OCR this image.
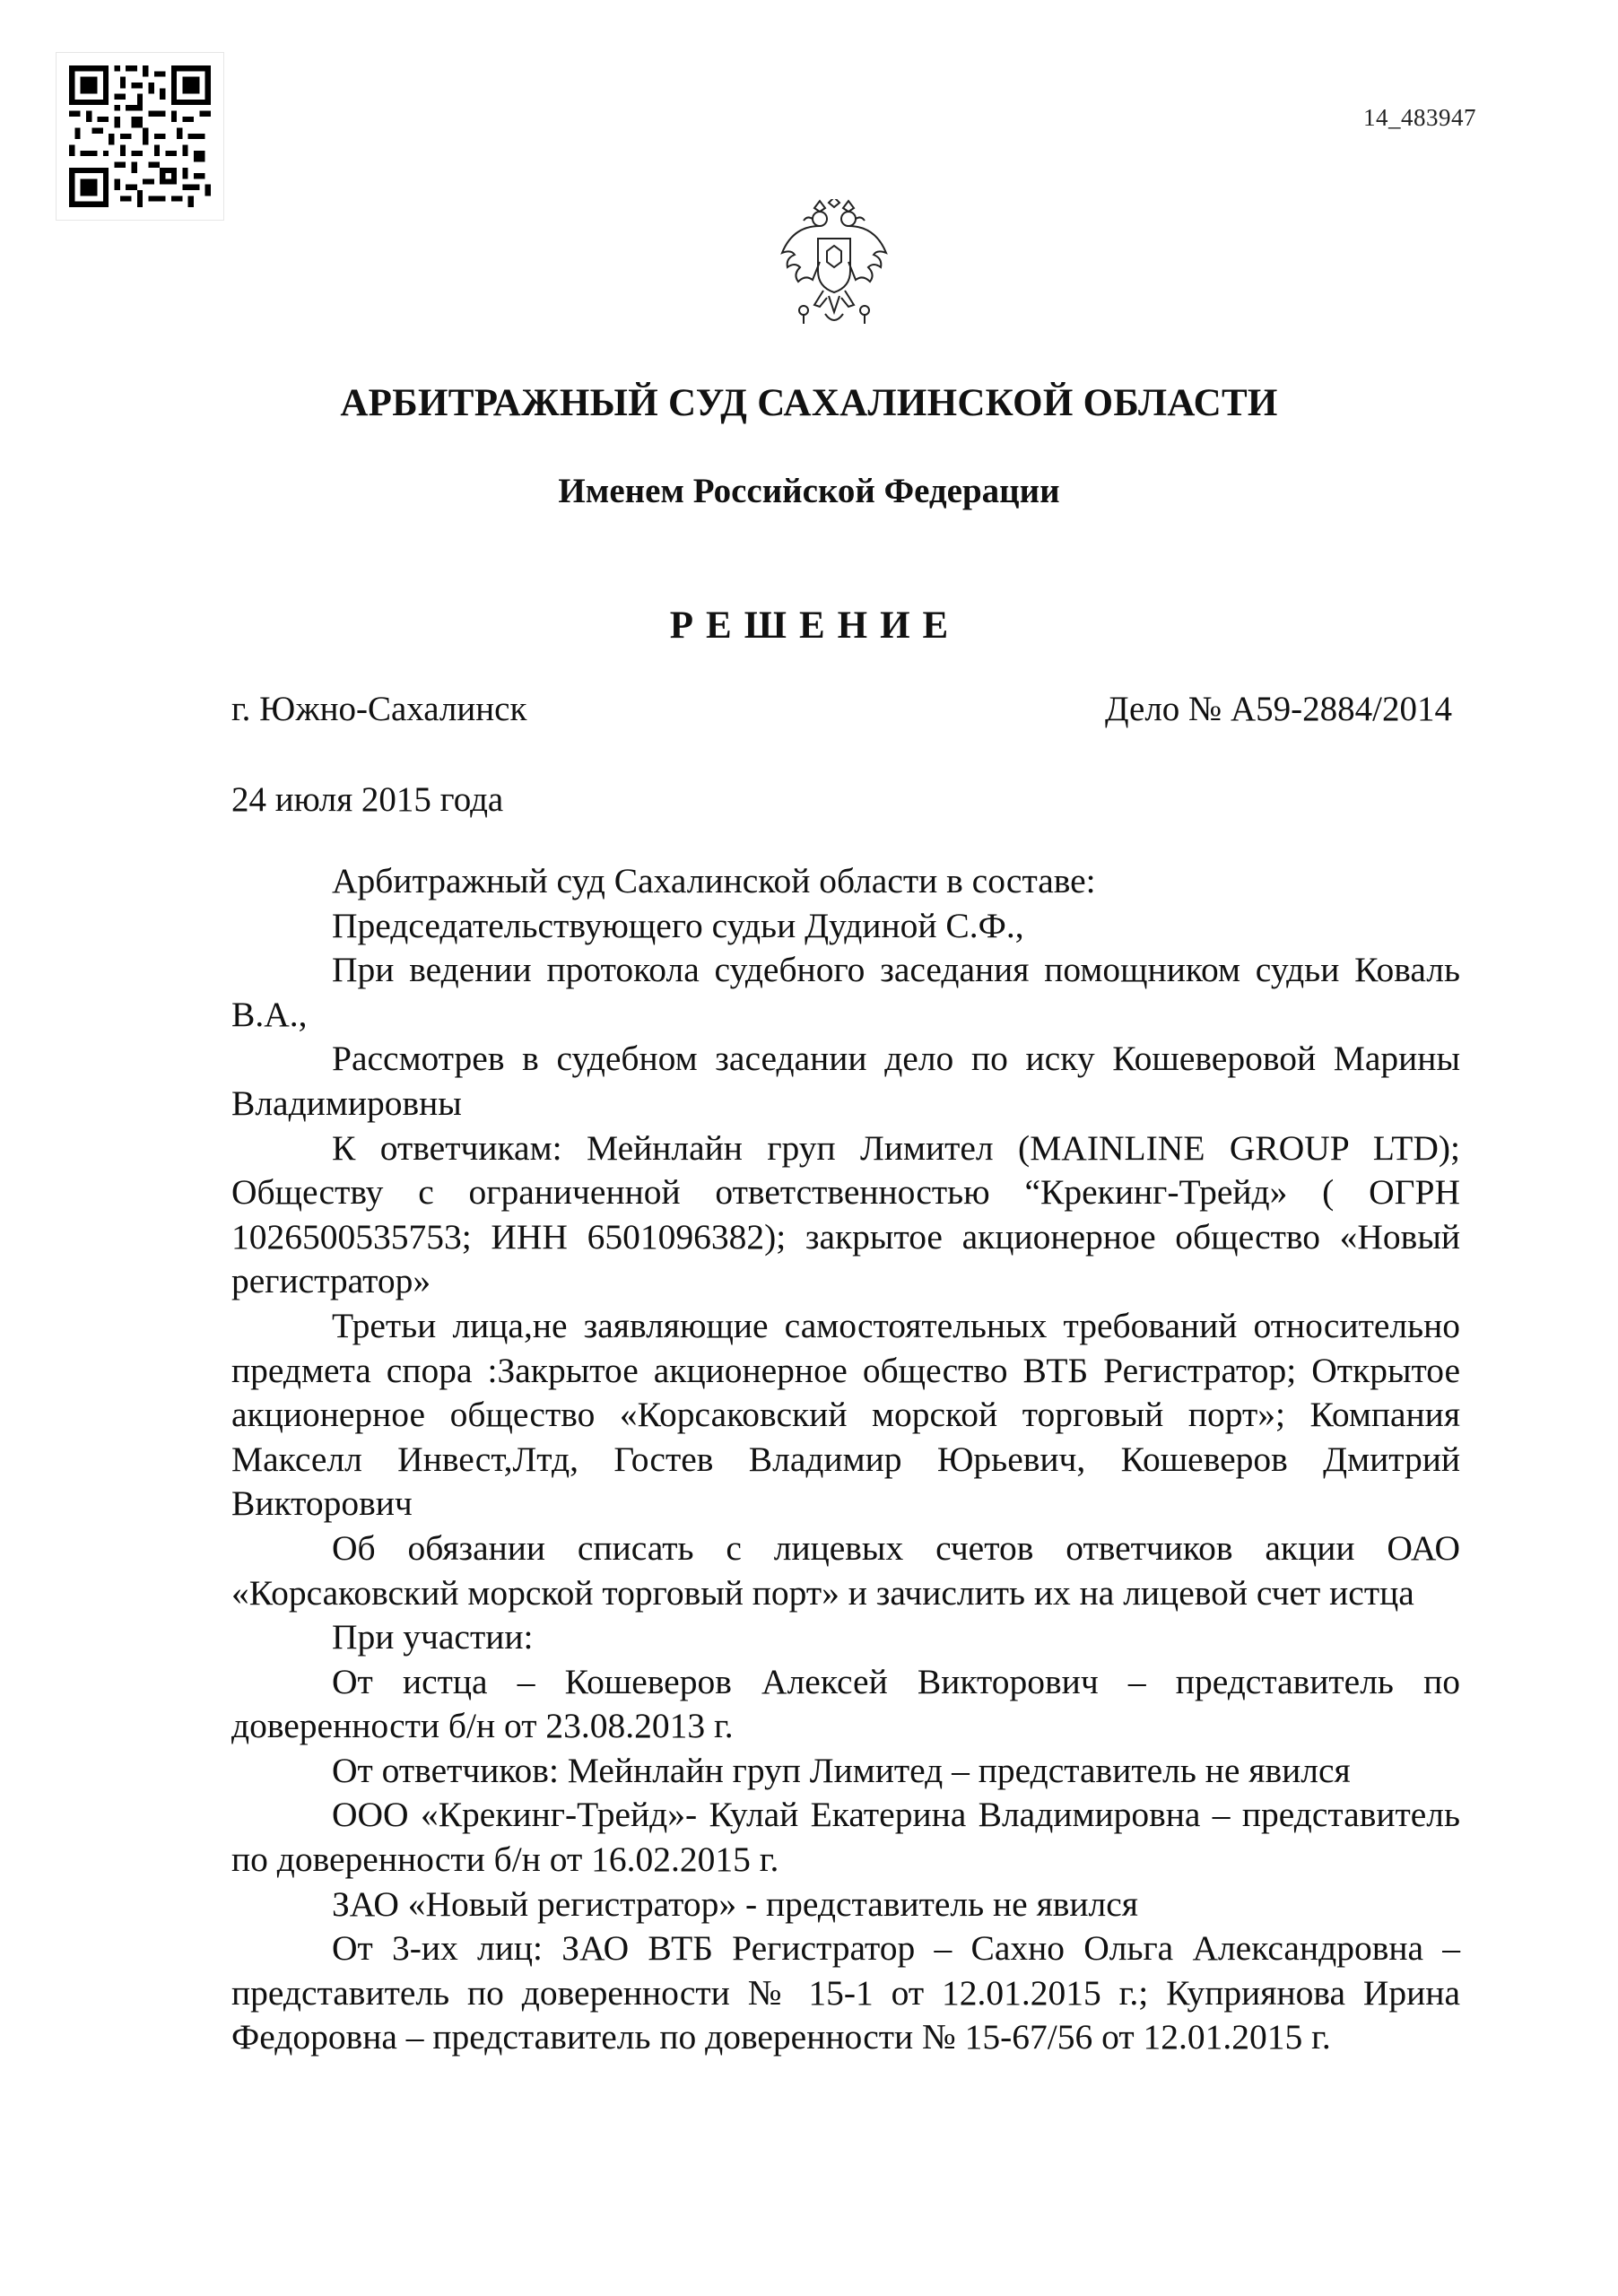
14_483947
АРБИТРАЖНЫЙ СУД САХАЛИНСКОЙ ОБЛАСТИ
Именем Российской Федерации
РЕШЕНИЕ
г. Южно-Сахалинск	Дело № А59-2884/2014
24 июля 2015 года

Арбитражный суд Сахалинской области в составе:

Председательствующего судьи Дудиной С.Ф.,

При ведении протокола судебного заседания помощником судьи Коваль В.А.,

Рассмотрев в судебном заседании дело по иску Кошеверовой Марины Владимировны

К ответчикам: Мейнлайн груп Лимител (MAINLINE GROUP LTD); Обществу с ограниченной ответственностью “Крекинг-Трейд» ( ОГРН 1026500535753; ИНН 6501096382); закрытое акционерное общество «Новый регистратор»

Третьи лица,не заявляющие самостоятельных требований относительно предмета спора :Закрытое акционерное общество ВТБ Регистратор; Открытое акционерное общество «Корсаковский морской торговый порт»; Компания Макселл Инвест,Лтд, Гостев Владимир Юрьевич, Кошеверов Дмитрий Викторович

Об обязании списать с лицевых счетов ответчиков акции ОАО «Корсаковский морской торговый порт» и зачислить их на лицевой счет истца

При участии:

От истца – Кошеверов Алексей Викторович – представитель по доверенности б/н от 23.08.2013 г.

От ответчиков: Мейнлайн груп Лимитед – представитель не явился

ООО «Крекинг-Трейд»- Кулай Екатерина Владимировна – представитель по доверенности б/н от 16.02.2015 г.

ЗАО «Новый регистратор» - представитель не явился

От 3-их лиц: ЗАО ВТБ Регистратор – Сахно Ольга Александровна – представитель по доверенности № 15-1 от 12.01.2015 г.; Куприянова Ирина Федоровна – представитель по доверенности № 15-67/56 от 12.01.2015 г.
